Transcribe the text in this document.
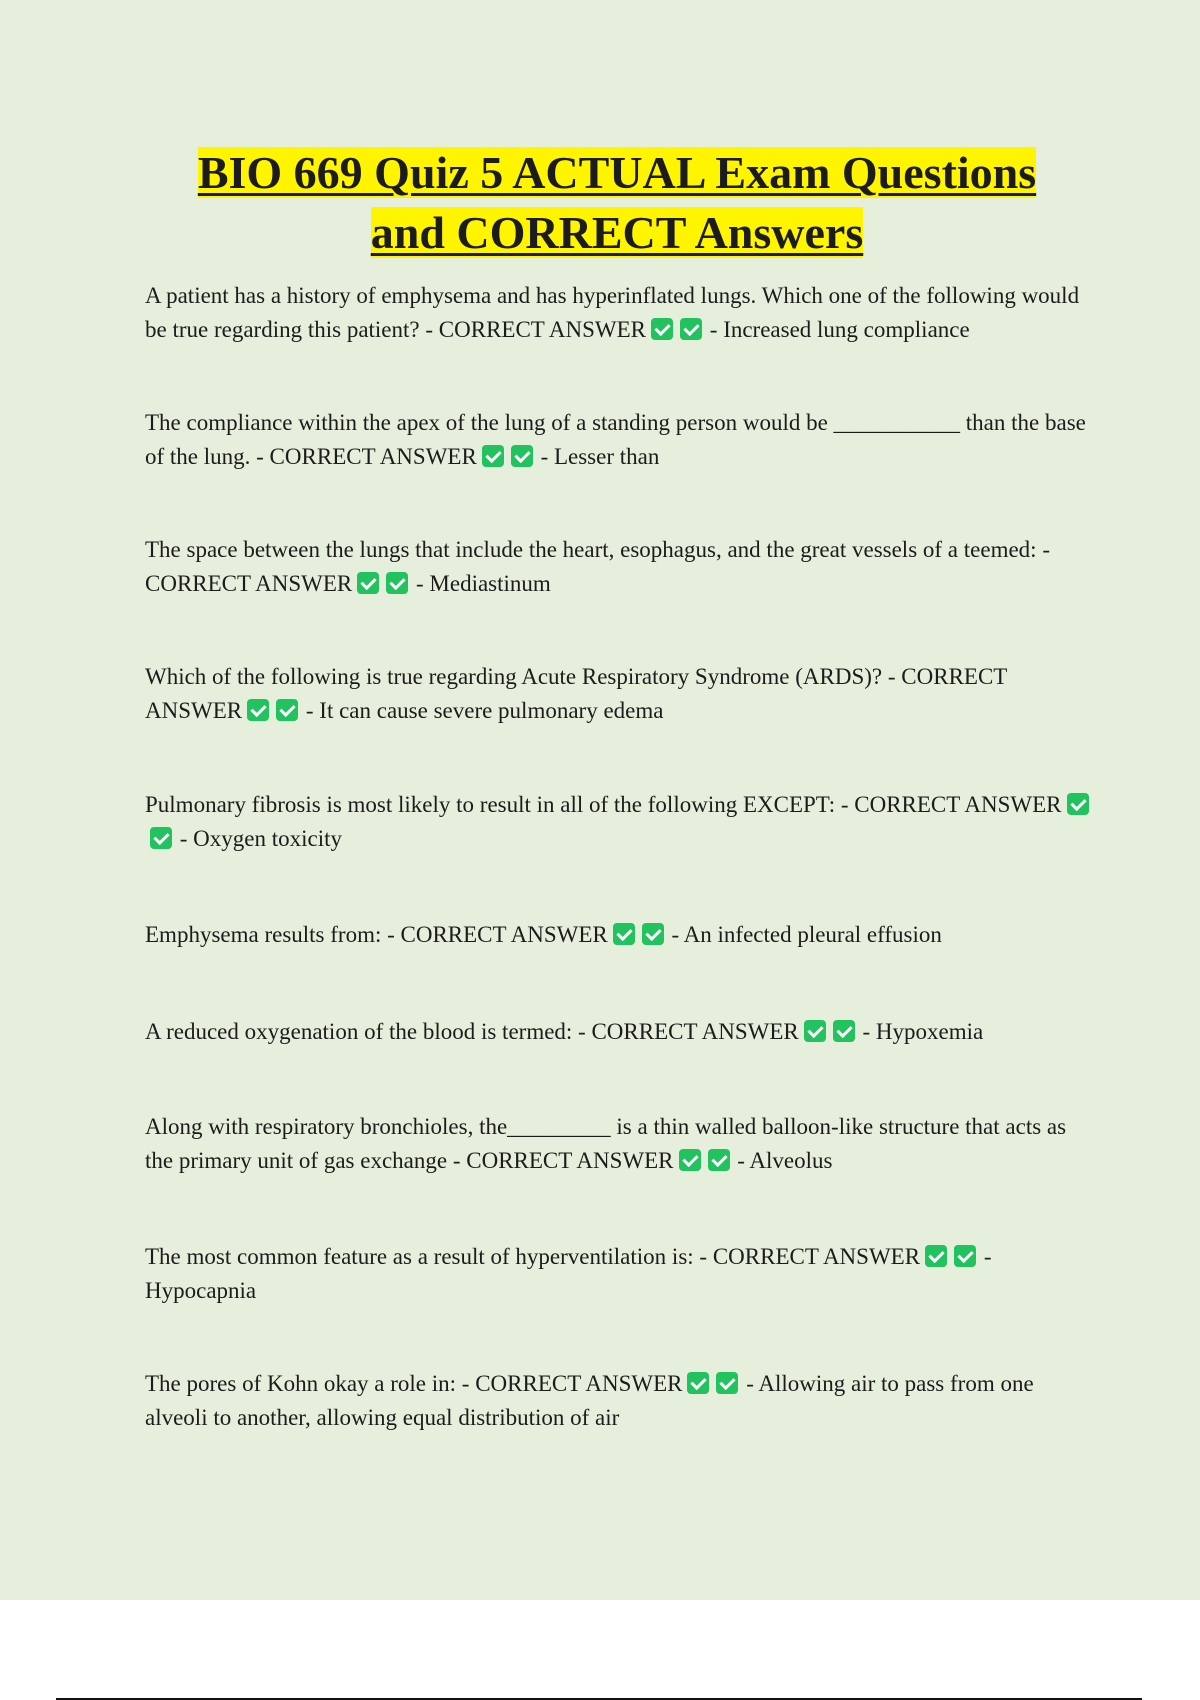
BIO 669 Quiz 5 ACTUAL Exam Questions
and CORRECT Answers

A patient has a history of emphysema and has hyperinflated lungs. Which one of the following would be true regarding this patient? - CORRECT ANSWER	- Increased lung compliance

The compliance within the apex of the lung of a standing person would be ___________ than the base of the lung. - CORRECT ANSWER	- Lesser than

The space between the lungs that include the heart, esophagus, and the great vessels of a teemed: - CORRECT ANSWER	- Mediastinum

Which of the following is true regarding Acute Respiratory Syndrome (ARDS)? - CORRECT ANSWER	- It can cause severe pulmonary edema

Pulmonary fibrosis is most likely to result in all of the following EXCEPT: - CORRECT ANSWER - Oxygen toxicity

Emphysema results from: - CORRECT ANSWER	- An infected pleural effusion

A reduced oxygenation of the blood is termed: - CORRECT ANSWER	- Hypoxemia

Along with respiratory bronchioles, the_________ is a thin walled balloon-like structure that acts as the primary unit of gas exchange - CORRECT ANSWER	- Alveolus

The most common feature as a result of hyperventilation is: - CORRECT ANSWER	- Hypocapnia

The pores of Kohn okay a role in: - CORRECT ANSWER	- Allowing air to pass from one alveoli to another, allowing equal distribution of air
